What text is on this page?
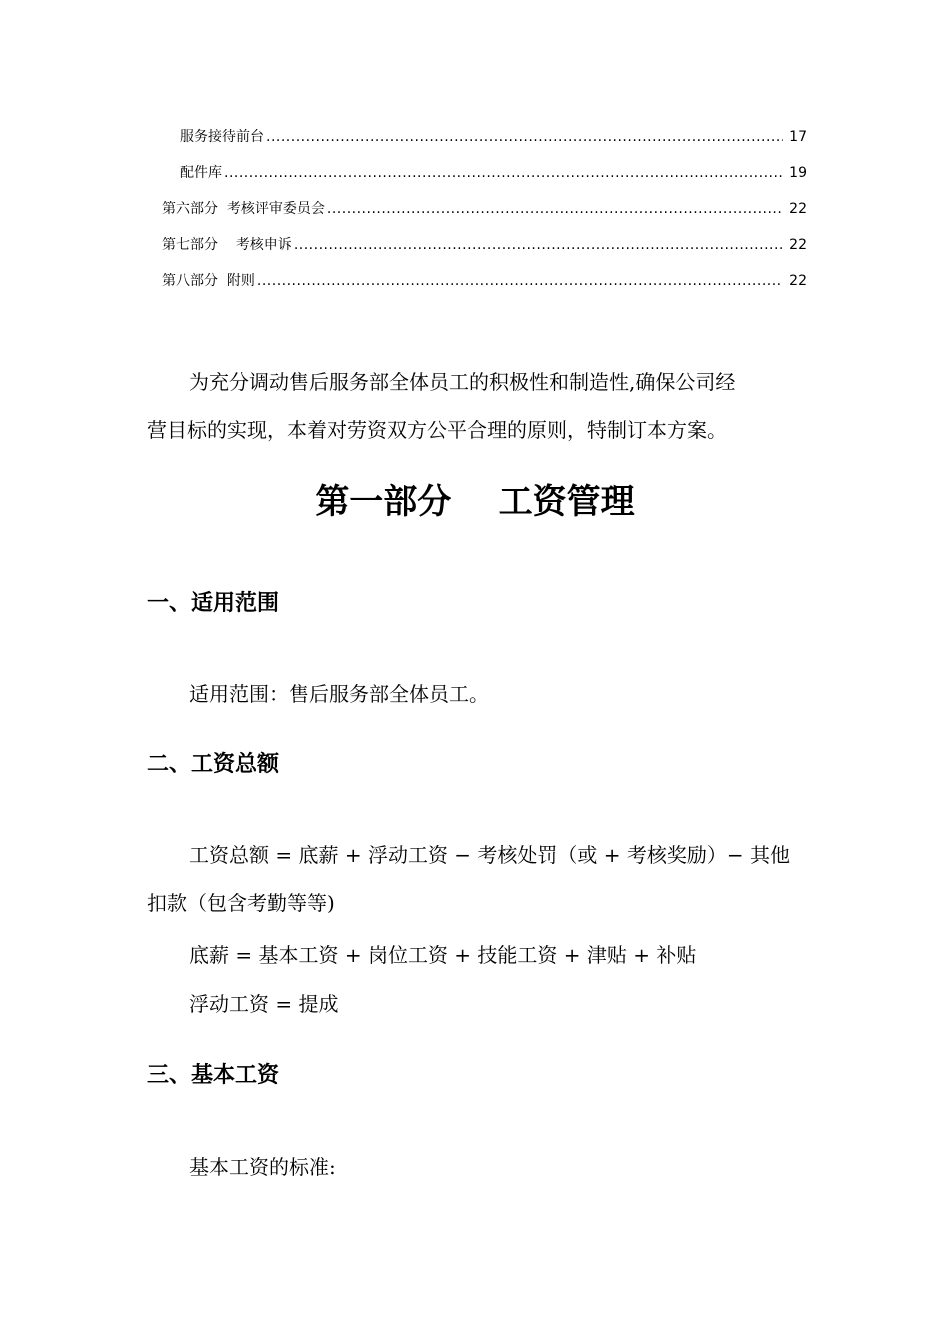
服务接待前台 .....	17
配件库 .....	19
第六部分  考核评审委员会 .....	22
第七部分    考核申诉 .....	22
第八部分  附则 .....	22
为充分调动售后服务部全体员工的积极性和制造性,确保公司经
营目标的实现，本着对劳资双方公平合理的原则，特制订本方案。
第一部分    工资管理
一、适用范围
适用范围：售后服务部全体员工。
二、工资总额
工资总额 = 底薪 + 浮动工资 − 考核处罚（或 + 考核奖励）− 其他
扣款（包含考勤等等)
底薪 = 基本工资 + 岗位工资 + 技能工资 + 津贴 + 补贴
浮动工资 = 提成
三、基本工资
基本工资的标准:
